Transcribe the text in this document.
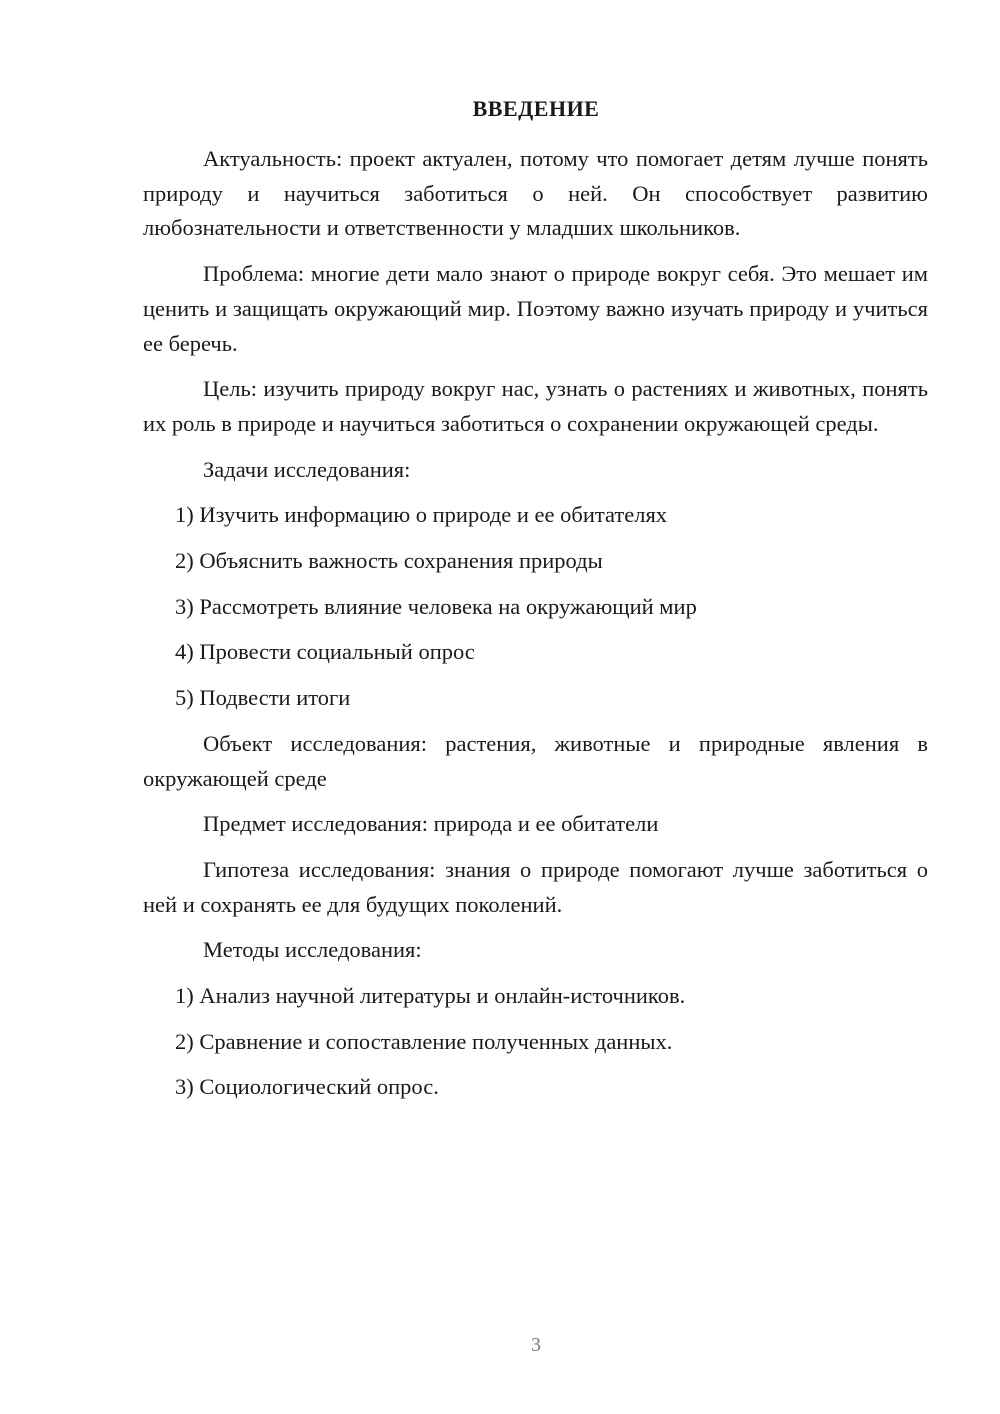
ВВЕДЕНИЕ

Актуальность: проект актуален, потому что помогает детям лучше понять природу и научиться заботиться о ней. Он способствует развитию любознательности и ответственности у младших школьников.

Проблема: многие дети мало знают о природе вокруг себя. Это мешает им ценить и защищать окружающий мир. Поэтому важно изучать природу и учиться ее беречь.

Цель: изучить природу вокруг нас, узнать о растениях и животных, понять их роль в природе и научиться заботиться о сохранении окружающей среды.

Задачи исследования:

1) Изучить информацию о природе и ее обитателях

2) Объяснить важность сохранения природы

3) Рассмотреть влияние человека на окружающий мир

4) Провести социальный опрос

5) Подвести итоги

Объект исследования: растения, животные и природные явления в окружающей среде

Предмет исследования: природа и ее обитатели

Гипотеза исследования: знания о природе помогают лучше заботиться о ней и сохранять ее для будущих поколений.

Методы исследования:

1) Анализ научной литературы и онлайн-источников.

2) Сравнение и сопоставление полученных данных.

3) Социологический опрос.

3
